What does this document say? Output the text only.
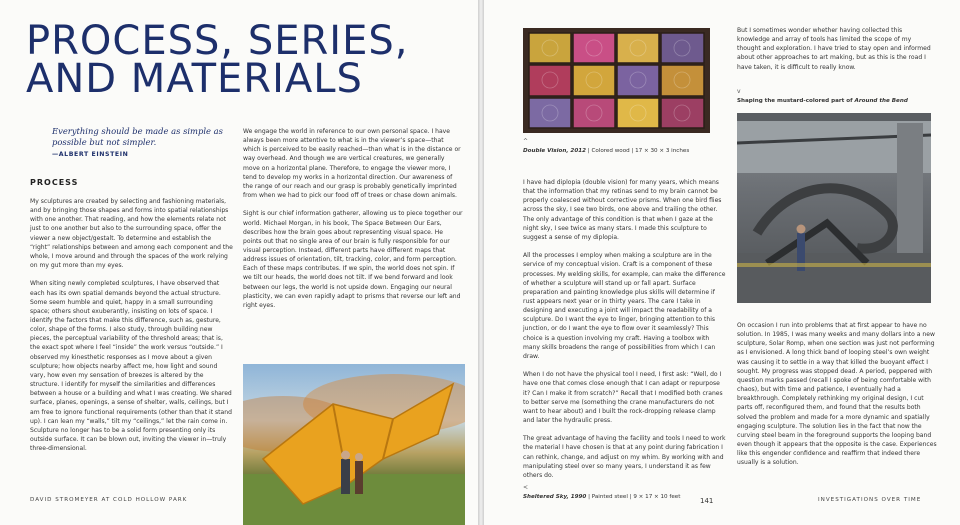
PROCESS, SERIES,
AND MATERIALS
Everything should be made as simple as possible but not simpler.
—ALBERT EINSTEIN
PROCESS

My sculptures are created by selecting and fashioning materials, and by bringing those shapes and forms into spatial relationships with one another. That reading, and how the elements relate not just to one another but also to the surrounding space, offer the viewer a new object/gestalt. To determine and establish the “right” relationships between and among each component and the whole, I move around and through the spaces of the work relying on my gut more than my eyes.

When siting newly completed sculptures, I have observed that each has its own spatial demands beyond the actual structure. Some seem humble and quiet, happy in a small surrounding space; others shout exuberantly, insisting on lots of space. I identify the factors that make this difference, such as, gesture, color, shape of the forms. I also study, through building new pieces, the perceptual variability of the threshold areas; that is, the exact spot where I feel “inside” the work versus “outside.” I observed my kinesthetic responses as I move about a given sculpture; how objects nearby affect me, how light and sound vary, how even my sensation of breezes is altered by the structure. I identify for myself the similarities and differences between a house or a building and what I was creating. We shared surface, planes, openings, a sense of shelter, walls, ceilings, but I am free to ignore functional requirements (other than that it stand up). I can lean my “walls,” tilt my “ceilings,” let the rain come in. Sculpture no longer has to be a solid form presenting only its outside surface. It can be blown out, inviting the viewer in—truly three-dimensional.

We engage the world in reference to our own personal space. I have always been more attentive to what is in the viewer’s space—that which is perceived to be easily reached—than what is in the distance or way overhead. And though we are vertical creatures, we generally move on a horizontal plane. Therefore, to engage the viewer more, I tend to develop my works in a horizontal direction. Our awareness of the range of our reach and our grasp is probably genetically imprinted from when we had to pick our food off of trees or chase down animals.

Sight is our chief information gatherer, allowing us to piece together our world. Michael Morgan, in his book, The Space Between Our Ears, describes how the brain goes about representing visual space. He points out that no single area of our brain is fully responsible for our visual perception. Instead, different parts have different maps that address issues of orientation, tilt, tracking, color, and form perception. Each of these maps contributes. If we spin, the world does not spin. If we tilt our heads, the world does not tilt. If we bend forward and look between our legs, the world is not upside down. Engaging our neural plasticity, we can even rapidly adapt to prisms that reverse our left and right eyes.

DAVID STROMEYER AT COLD HOLLOW PARK
^
Double Vision, 2012 | Colored wood | 17 × 30 × 3 inches

I have had diplopia (double vision) for many years, which means that the information that my retinas send to my brain cannot be properly coalesced without corrective prisms. When one bird flies across the sky, I see two birds, one above and trailing the other. The only advantage of this condition is that when I gaze at the night sky, I see twice as many stars. I made this sculpture to suggest a sense of my diplopia.

All the processes I employ when making a sculpture are in the service of my conceptual vision. Craft is a component of these processes. My welding skills, for example, can make the difference of whether a sculpture will stand up or fall apart. Surface preparation and painting knowledge plus skills will determine if rust appears next year or in thirty years. The care I take in designing and executing a joint will impact the readability of a sculpture. Do I want the eye to linger, bringing attention to this junction, or do I want the eye to flow over it seamlessly? This choice is a question involving my craft. Having a toolbox with many skills broadens the range of possibilities from which I can draw.

When I do not have the physical tool I need, I first ask: “Well, do I have one that comes close enough that I can adapt or repurpose it? Can I make it from scratch?” Recall that I modified both cranes to better serve me (something the crane manufacturers do not want to hear about) and I built the rock-dropping release clamp and later the hydraulic press.

The great advantage of having the facility and tools I need to work the material I have chosen is that at any point during fabrication I can rethink, change, and adjust on my whim. By working with and manipulating steel over so many years, I understand it as few others do.

<
Sheltered Sky, 1990 | Painted steel | 9 × 17 × 10 feet	141

But I sometimes wonder whether having collected this knowledge and array of tools has limited the scope of my thought and exploration. I have tried to stay open and informed about other approaches to art making, but as this is the road I have taken, it is difficult to really know.

v
Shaping the mustard-colored part of Around the Bend

On occasion I run into problems that at first appear to have no solution. In 1985, I was many weeks and many dollars into a new sculpture, Solar Romp, when one section was just not performing as I envisioned. A long thick band of looping steel’s own weight was causing it to settle in a way that killed the buoyant effect I sought. My progress was stopped dead. A period, peppered with question marks passed (recall I spoke of being comfortable with chaos), but with time and patience, I eventually had a breakthrough. Completely rethinking my original design, I cut parts off, reconfigured them, and found that the results both solved the problem and made for a more dynamic and spatially engaging sculpture. The solution lies in the fact that now the curving steel beam in the foreground supports the looping band even though it appears that the opposite is the case. Experiences like this engender confidence and reaffirm that indeed there usually is a solution.

INVESTIGATIONS OVER TIME
